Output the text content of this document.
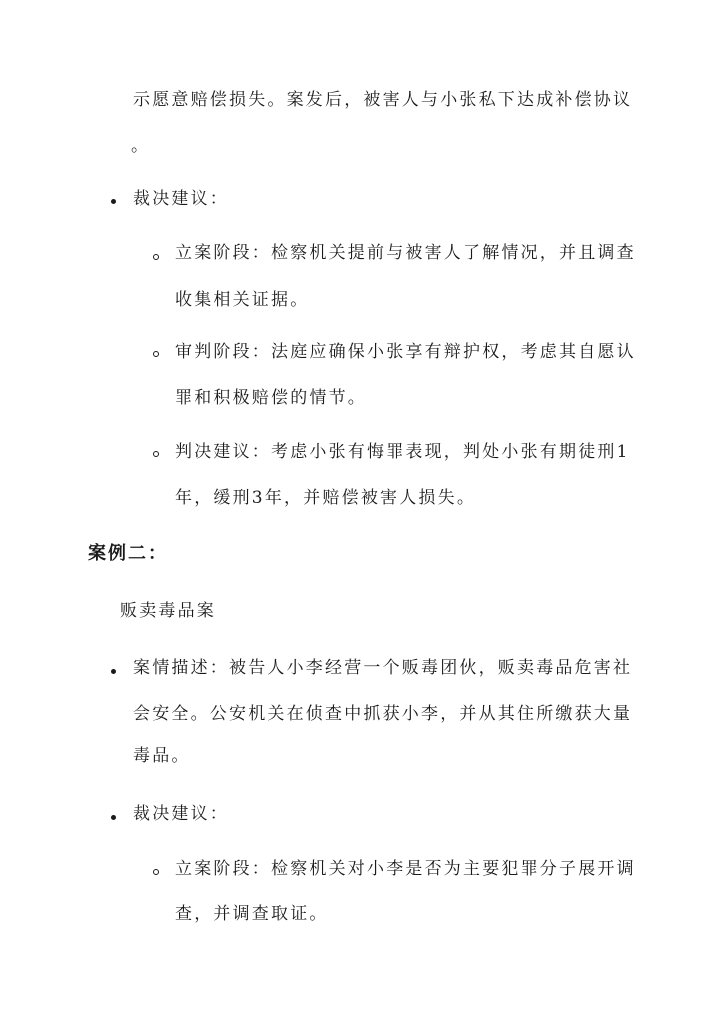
示愿意赔偿损失。案发后，被害人与小张私下达成补偿协议
。
裁决建议：
立案阶段：检察机关提前与被害人了解情况，并且调查
收集相关证据。
审判阶段：法庭应确保小张享有辩护权，考虑其自愿认
罪和积极赔偿的情节。
判决建议：考虑小张有悔罪表现，判处小张有期徒刑1
年，缓刑3年，并赔偿被害人损失。
案例二：
贩卖毒品案
案情描述：被告人小李经营一个贩毒团伙，贩卖毒品危害社
会安全。公安机关在侦查中抓获小李，并从其住所缴获大量
毒品。
裁决建议：
立案阶段：检察机关对小李是否为主要犯罪分子展开调
查，并调查取证。
